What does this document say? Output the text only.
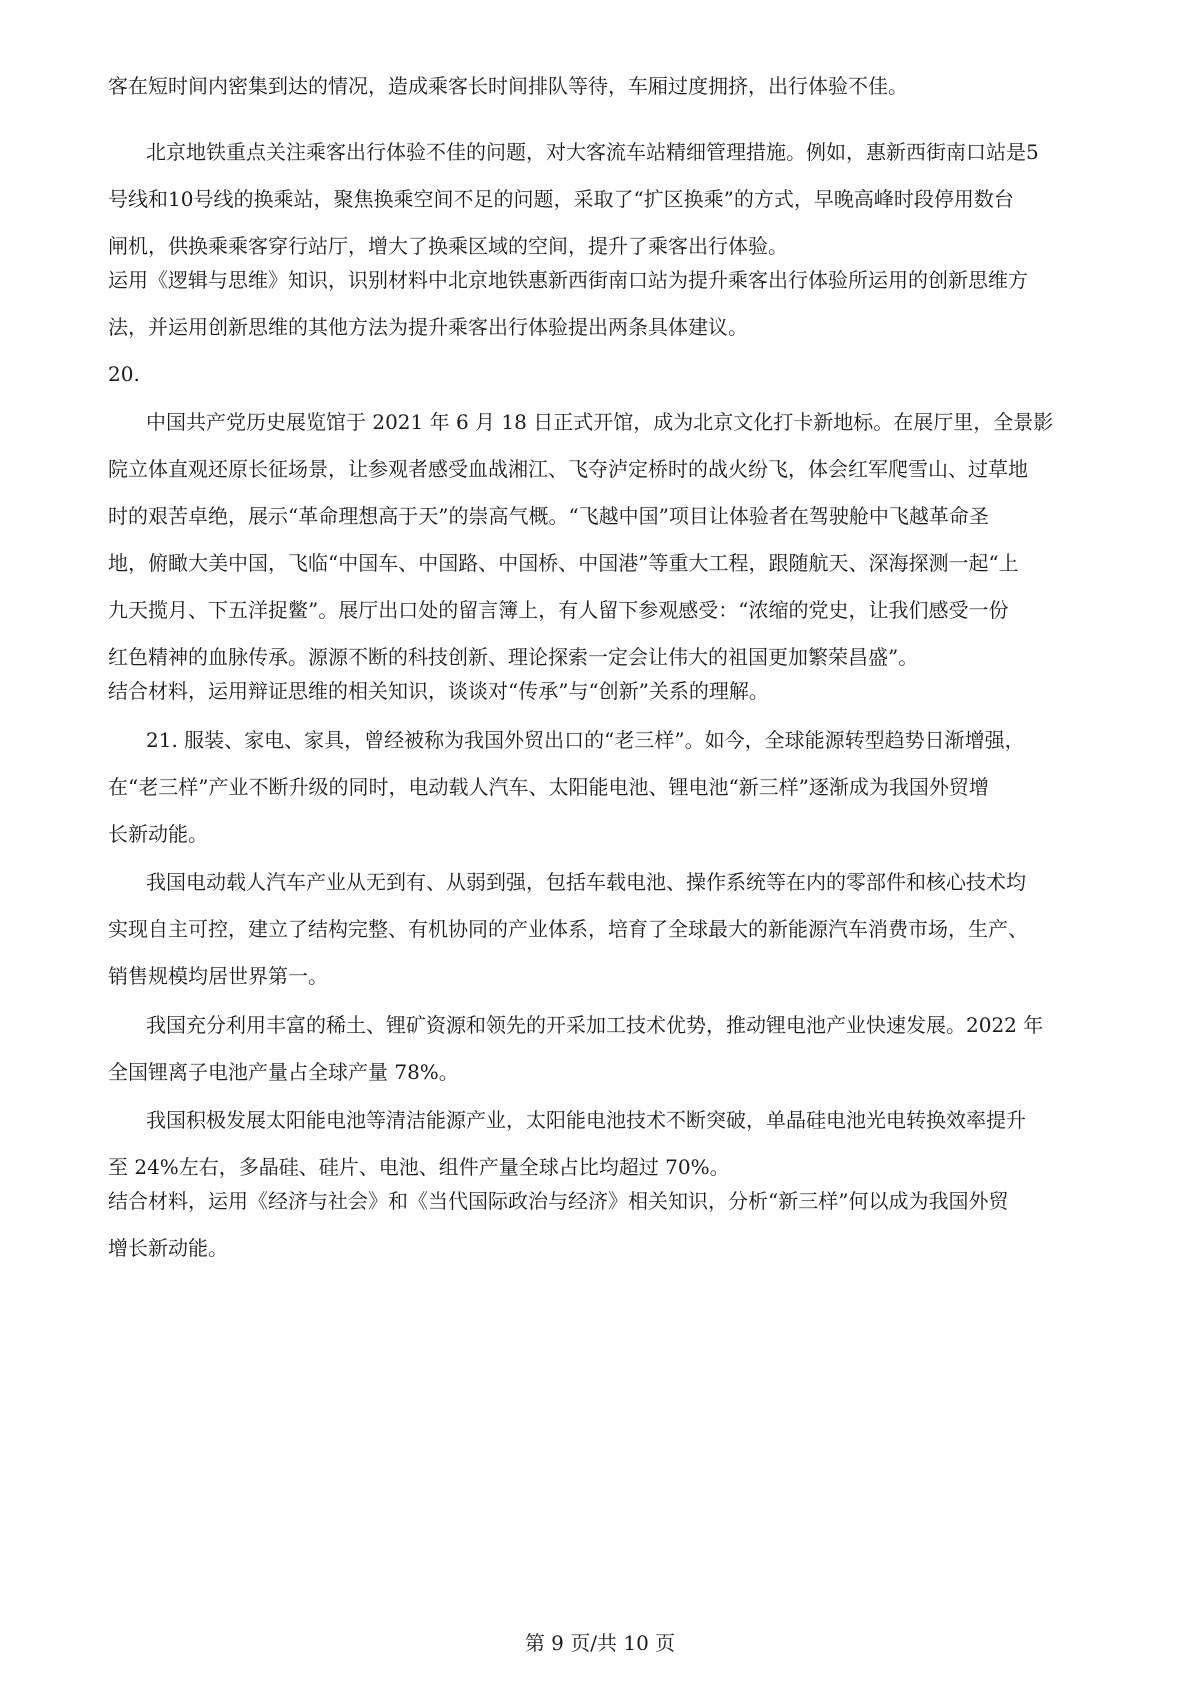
客在短时间内密集到达的情况，造成乘客长时间排队等待，车厢过度拥挤，出行体验不佳。

北京地铁重点关注乘客出行体验不佳的问题，对大客流车站精细管理措施。例如，惠新西街南口站是5

号线和10号线的换乘站，聚焦换乘空间不足的问题，采取了“扩区换乘”的方式，早晚高峰时段停用数台

闸机，供换乘乘客穿行站厅，增大了换乘区域的空间，提升了乘客出行体验。

运用《逻辑与思维》知识，识别材料中北京地铁惠新西街南口站为提升乘客出行体验所运用的创新思维方

法，并运用创新思维的其他方法为提升乘客出行体验提出两条具体建议。

20.

中国共产党历史展览馆于 2021 年 6 月 18 日正式开馆，成为北京文化打卡新地标。在展厅里，全景影

院立体直观还原长征场景，让参观者感受血战湘江、飞夺泸定桥时的战火纷飞，体会红军爬雪山、过草地

时的艰苦卓绝，展示“革命理想高于天”的崇高气概。“飞越中国”项目让体验者在驾驶舱中飞越革命圣

地，俯瞰大美中国，飞临“中国车、中国路、中国桥、中国港”等重大工程，跟随航天、深海探测一起“上

九天揽月、下五洋捉鳖”。展厅出口处的留言簿上，有人留下参观感受：“浓缩的党史，让我们感受一份

红色精神的血脉传承。源源不断的科技创新、理论探索一定会让伟大的祖国更加繁荣昌盛”。

结合材料，运用辩证思维的相关知识，谈谈对“传承”与“创新”关系的理解。

21. 服装、家电、家具，曾经被称为我国外贸出口的“老三样”。如今，全球能源转型趋势日渐增强，

在“老三样”产业不断升级的同时，电动载人汽车、太阳能电池、锂电池“新三样”逐渐成为我国外贸增

长新动能。

我国电动载人汽车产业从无到有、从弱到强，包括车载电池、操作系统等在内的零部件和核心技术均

实现自主可控，建立了结构完整、有机协同的产业体系，培育了全球最大的新能源汽车消费市场，生产、

销售规模均居世界第一。

我国充分利用丰富的稀土、锂矿资源和领先的开采加工技术优势，推动锂电池产业快速发展。2022 年

全国锂离子电池产量占全球产量 78%。

我国积极发展太阳能电池等清洁能源产业，太阳能电池技术不断突破，单晶硅电池光电转换效率提升

至 24%左右，多晶硅、硅片、电池、组件产量全球占比均超过 70%。

结合材料，运用《经济与社会》和《当代国际政治与经济》相关知识，分析“新三样”何以成为我国外贸

增长新动能。

第 9 页/共 10 页
